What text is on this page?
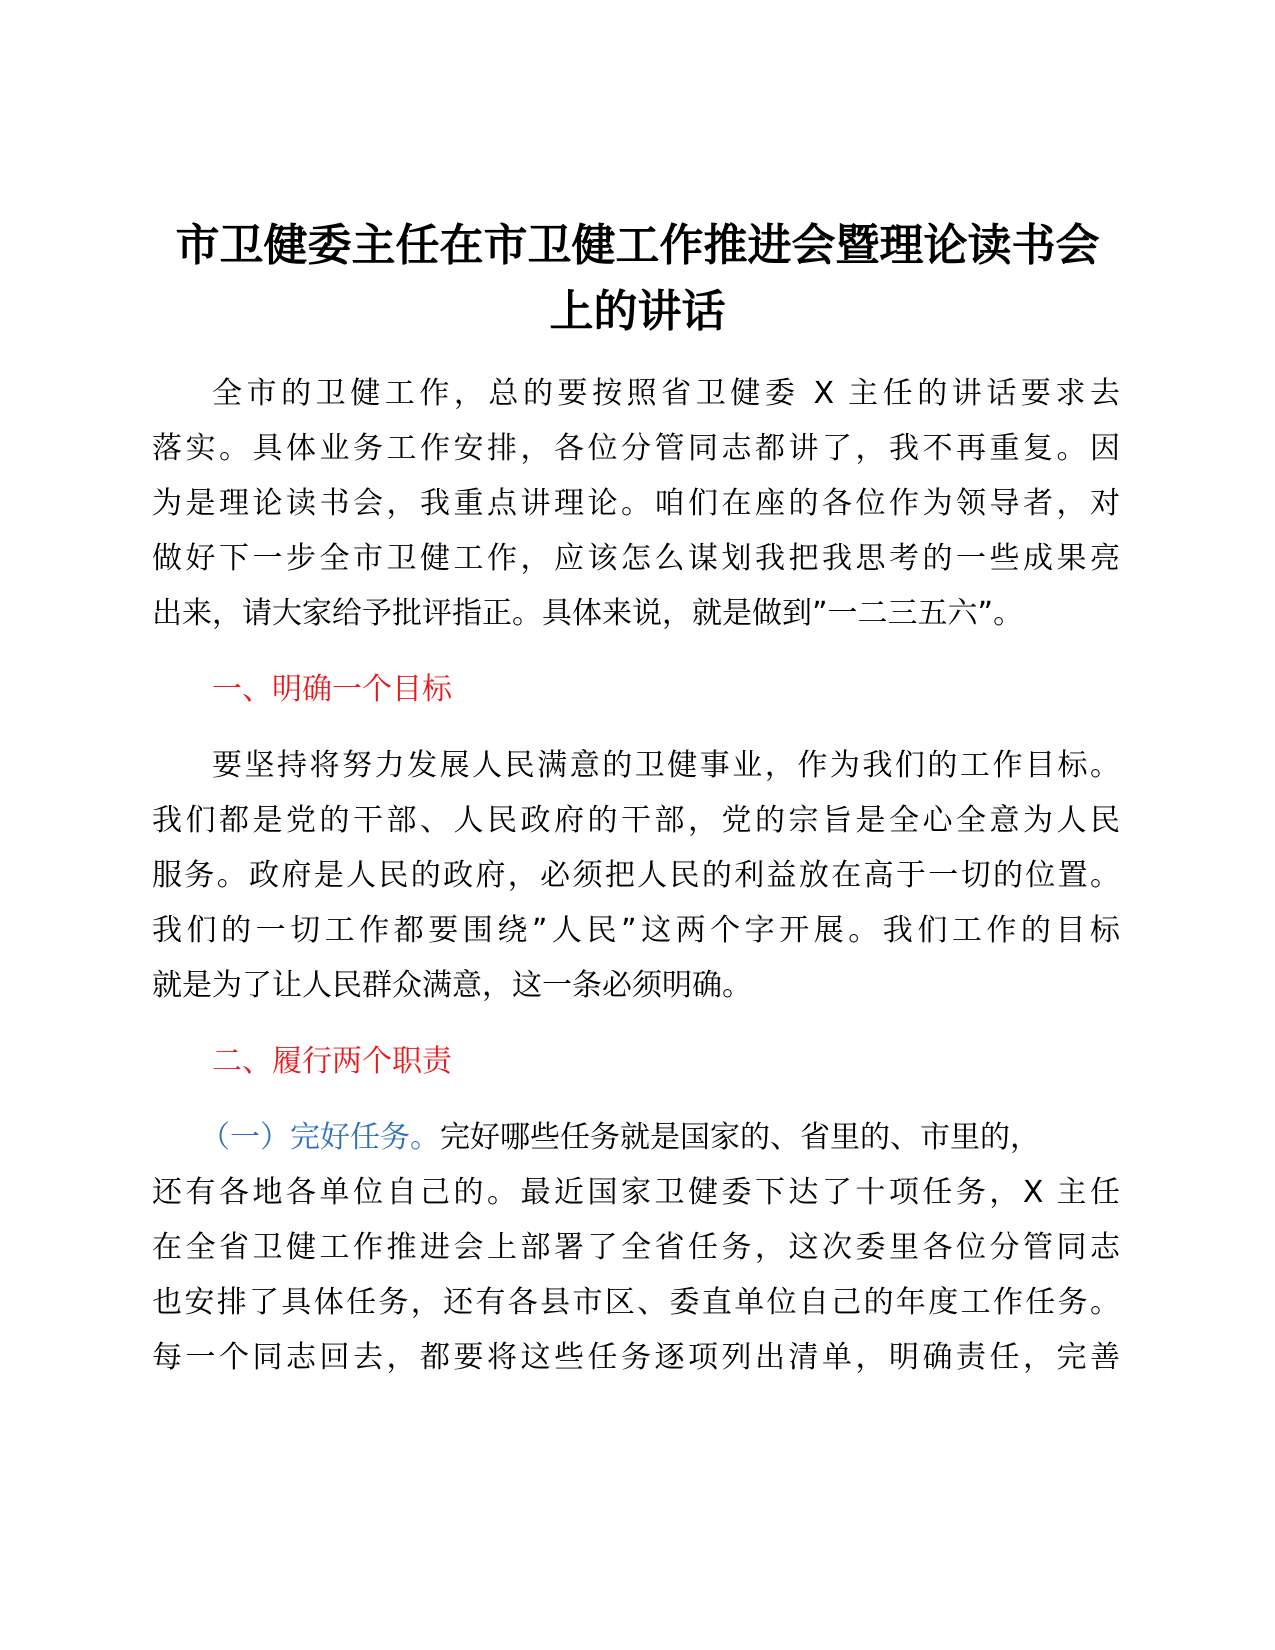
市卫健委主任在市卫健工作推进会暨理论读书会
上的讲话

全市的卫健工作，总的要按照省卫健委 X 主任的讲话要求去

落实。具体业务工作安排，各位分管同志都讲了，我不再重复。因

为是理论读书会，我重点讲理论。咱们在座的各位作为领导者，对

做好下一步全市卫健工作，应该怎么谋划我把我思考的一些成果亮

出来，请大家给予批评指正。具体来说，就是做到”一二三五六”。

一、明确一个目标

要坚持将努力发展人民满意的卫健事业，作为我们的工作目标。

我们都是党的干部、人民政府的干部，党的宗旨是全心全意为人民

服务。政府是人民的政府，必须把人民的利益放在高于一切的位置。

我们的一切工作都要围绕”人民”这两个字开展。我们工作的目标

就是为了让人民群众满意，这一条必须明确。

二、履行两个职责

（一）完好任务。完好哪些任务就是国家的、省里的、市里的，

还有各地各单位自己的。最近国家卫健委下达了十项任务，X 主任

在全省卫健工作推进会上部署了全省任务，这次委里各位分管同志

也安排了具体任务，还有各县市区、委直单位自己的年度工作任务。

每一个同志回去，都要将这些任务逐项列出清单，明确责任，完善
